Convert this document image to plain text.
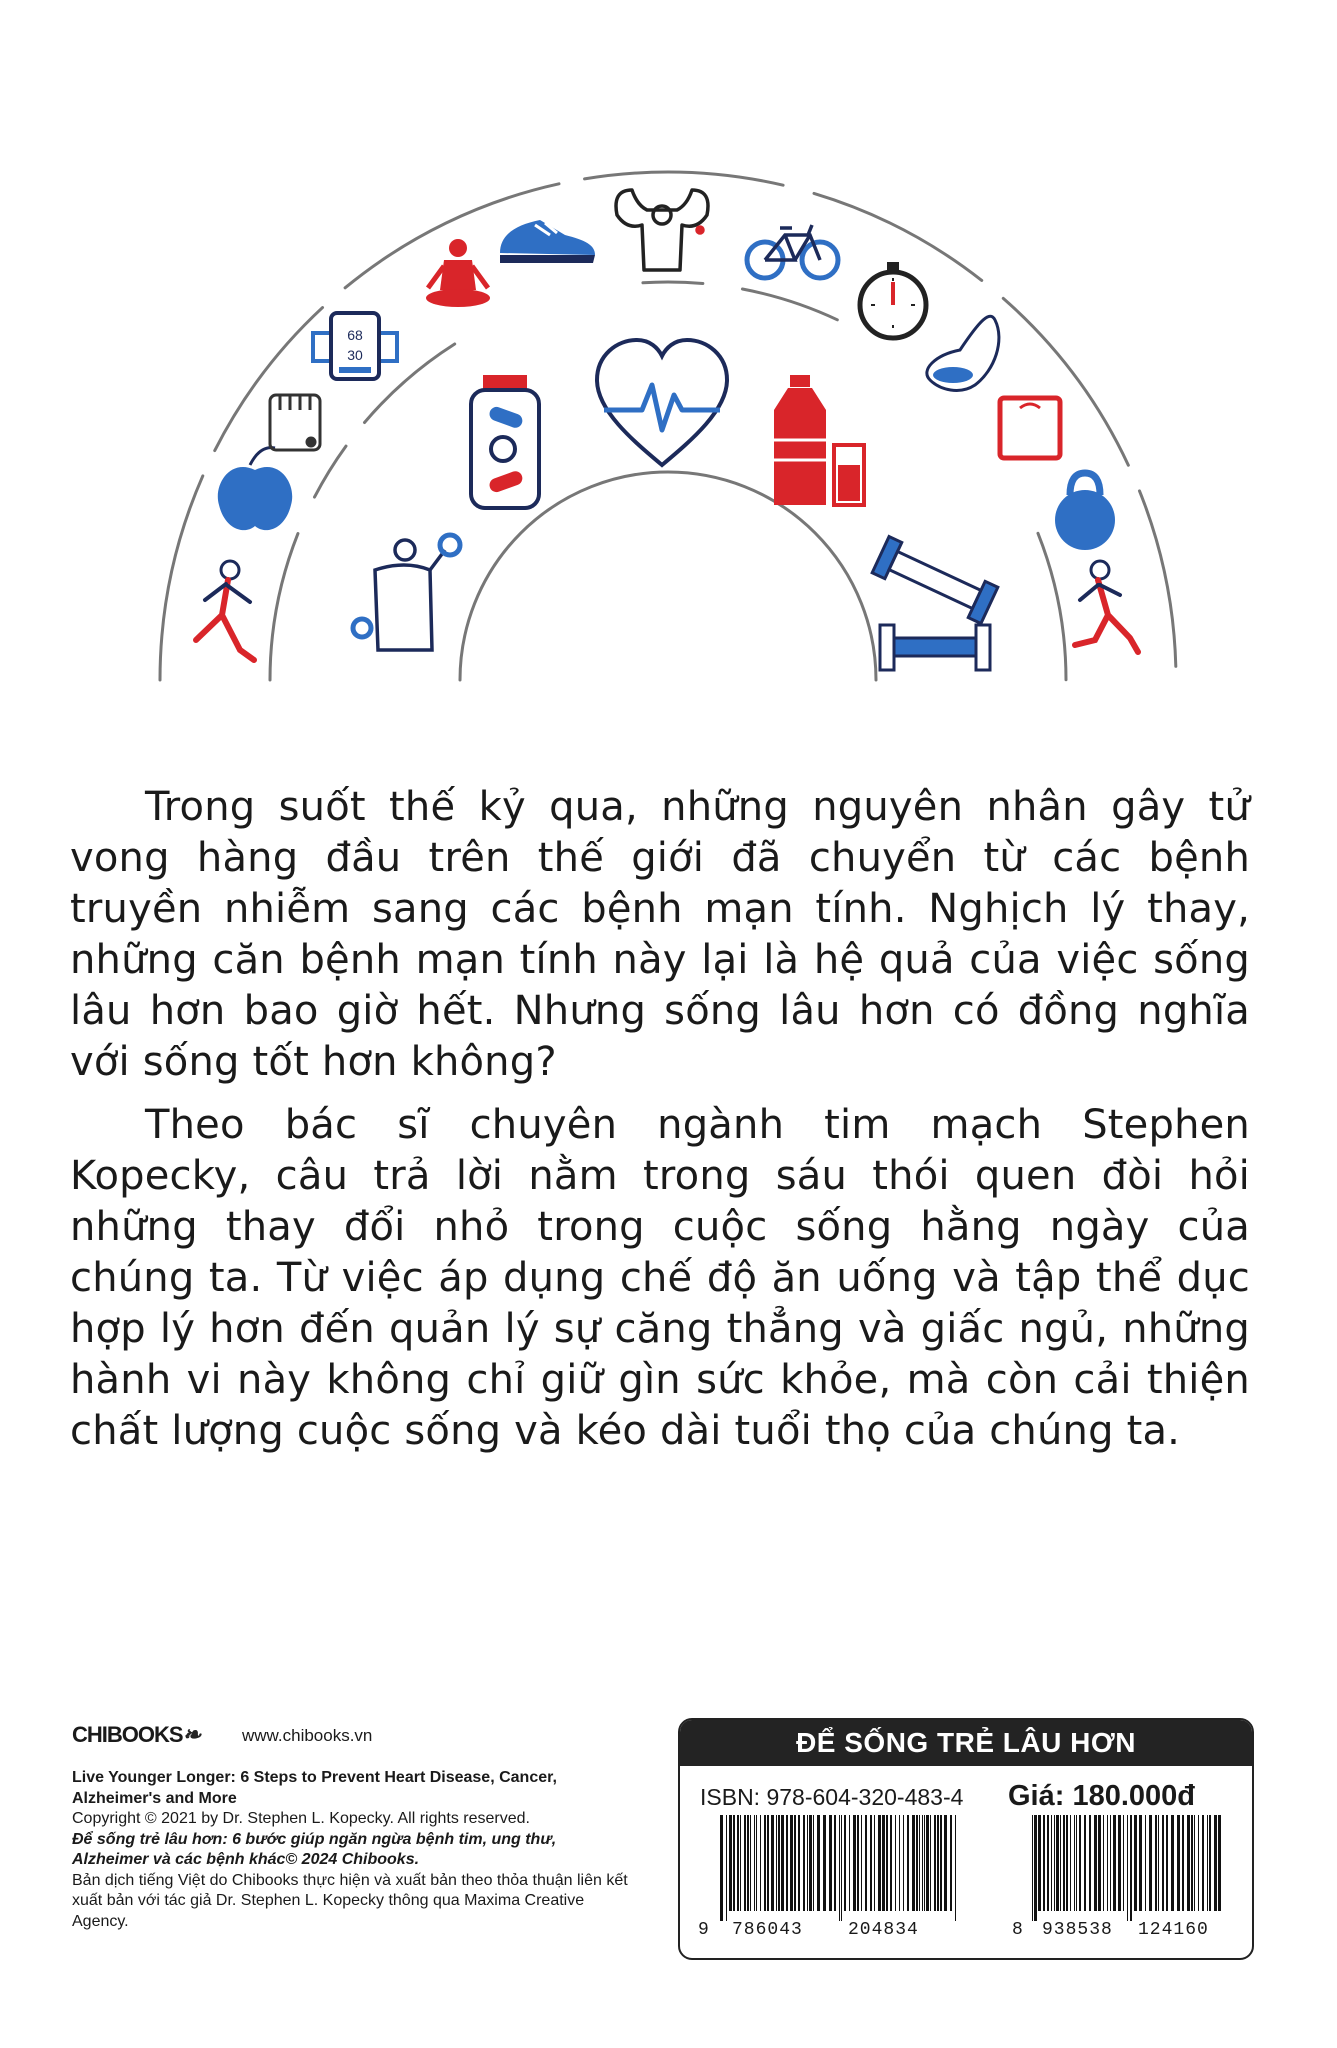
68
30

Trong suốt thế kỷ qua, những nguyên nhân gây tử vong hàng đầu trên thế giới đã chuyển từ các bệnh truyền nhiễm sang các bệnh mạn tính. Nghịch lý thay, những căn bệnh mạn tính này lại là hệ quả của việc sống lâu hơn bao giờ hết. Nhưng sống lâu hơn có đồng nghĩa với sống tốt hơn không?

Theo bác sĩ chuyên ngành tim mạch Stephen Kopecky, câu trả lời nằm trong sáu thói quen đòi hỏi những thay đổi nhỏ trong cuộc sống hằng ngày của chúng ta. Từ việc áp dụng chế độ ăn uống và tập thể dục hợp lý hơn đến quản lý sự căng thẳng và giấc ngủ, những hành vi này không chỉ giữ gìn sức khỏe, mà còn cải thiện chất lượng cuộc sống và kéo dài tuổi thọ của chúng ta.

CHIBOOKS❧ www.chibooks.vn
Live Younger Longer: 6 Steps to Prevent Heart Disease, Cancer, Alzheimer's and More
Copyright © 2021 by Dr. Stephen L. Kopecky. All rights reserved.
Để sống trẻ lâu hơn: 6 bước giúp ngăn ngừa bệnh tim, ung thư, Alzheimer và các bệnh khác© 2024 Chibooks.
Bản dịch tiếng Việt do Chibooks thực hiện và xuất bản theo thỏa thuận liên kết xuất bản với tác giả Dr. Stephen L. Kopecky thông qua Maxima Creative Agency.
ĐỂ SỐNG TRẺ LÂU HƠN
ISBN: 978-604-320-483-4 Giá: 180.000đ
9 786043	204834	8 938538 124160
